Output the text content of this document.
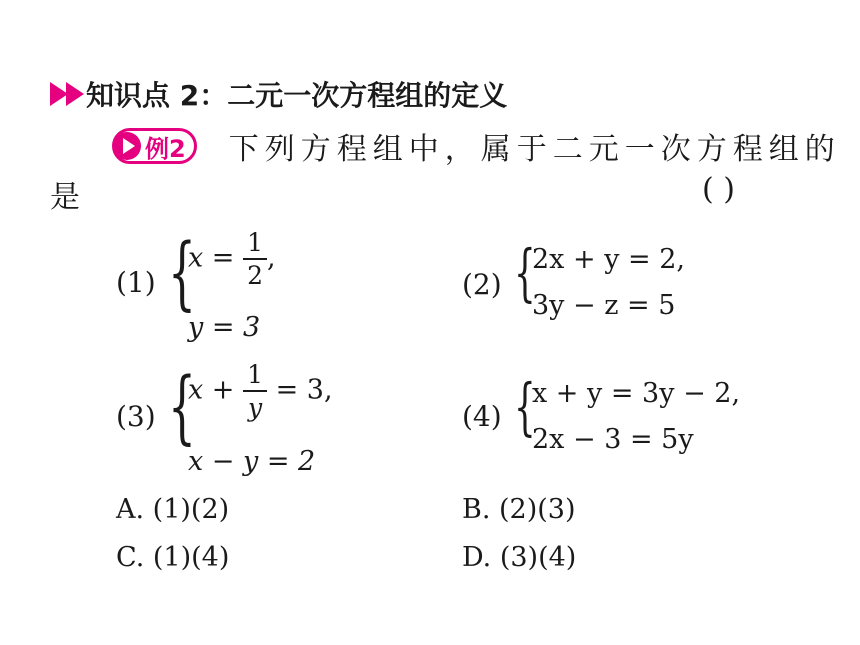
知识点 2：二元一次方程组的定义
例2 下列方程组中，属于二元一次方程组的
是	( )
(1) {
$x = \frac{1}{2}$ ,
y = 3
(2) {
2x + y = 2,
3y − z = 5
(3) {
$x + \frac{1}{y} = 3$,
x − y = 2
(4) {
x + y = 3y − 2,
2x − 3 = 5y
A. (1)(2)	B. (2)(3)
C. (1)(4)	D. (3)(4)
